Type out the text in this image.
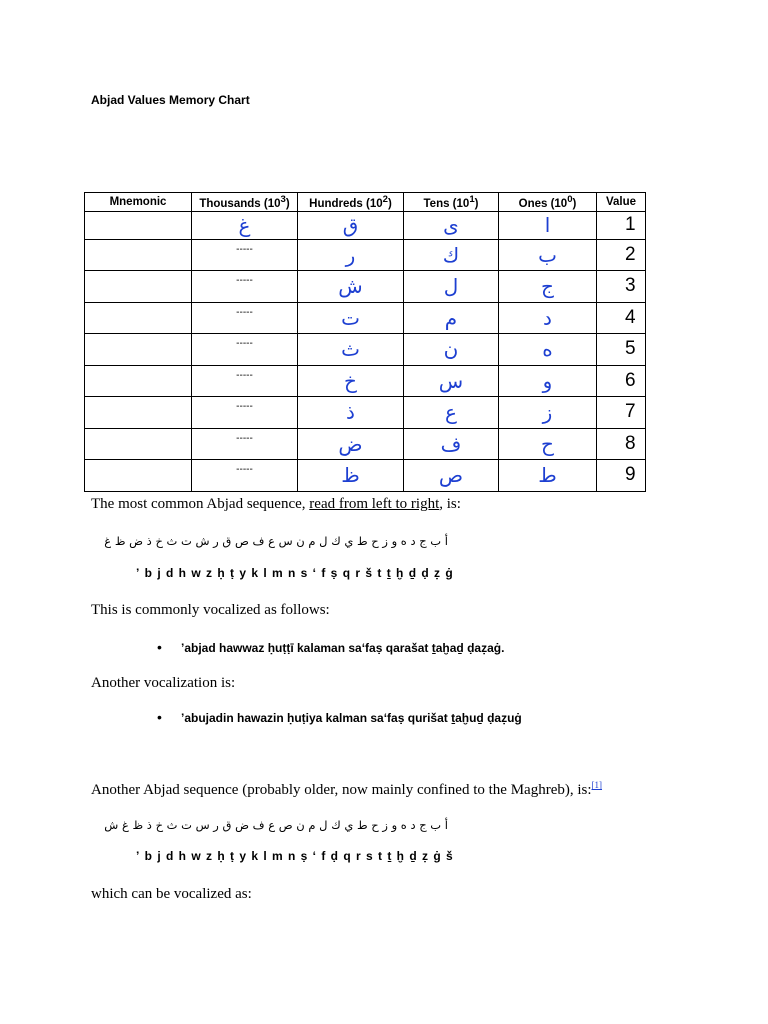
Abjad Values Memory Chart
Mnemonic	Thousands $(10^3)$	Hundreds $(10^2)$	Tens $(10^1)$	Ones $(10^0)$	Value
	غ	ق	ى	ا	1
	-----	ر	ك	ب	2
	-----	ش	ل	ج	3
	-----	ت	م	د	4
	-----	ث	ن	ه	5
	-----	خ	س	و	6
	-----	ذ	ع	ز	7
	-----	ض	ف	ح	8
	-----	ظ	ص	ط	9
The most common Abjad sequence, read from left to right, is:
أ ب ج د ه و ز ح ط ي ك ل م ن س ع ف ص ق ر ش ت ث خ ذ ض ظ غ
ʼ b j d h w z ḥ ṭ y k l m n s ʻ f ṣ q r š t ṯ ḫ ḏ ḍ ẓ ġ
This is commonly vocalized as follows:
• ʼabjad hawwaz ḥuṭṭī kalaman saʻfaṣ qarašat ṯaḫaḏ ḍaẓaġ.
Another vocalization is:
• ʼabujadin hawazin ḥuṭiya kalman saʻfaṣ qurišat ṯaḫuḏ ḍaẓuġ
Another Abjad sequence (probably older, now mainly confined to the Maghreb), is:[1]
أ ب ج د ه و ز ح ط ي ك ل م ن ص ع ف ض ق ر س ت ث خ ذ ظ غ ش
ʼ b j d h w z ḥ ṭ y k l m n ṣ ʻ f ḍ q r s t ṯ ḫ ḏ ẓ ġ š
which can be vocalized as:
